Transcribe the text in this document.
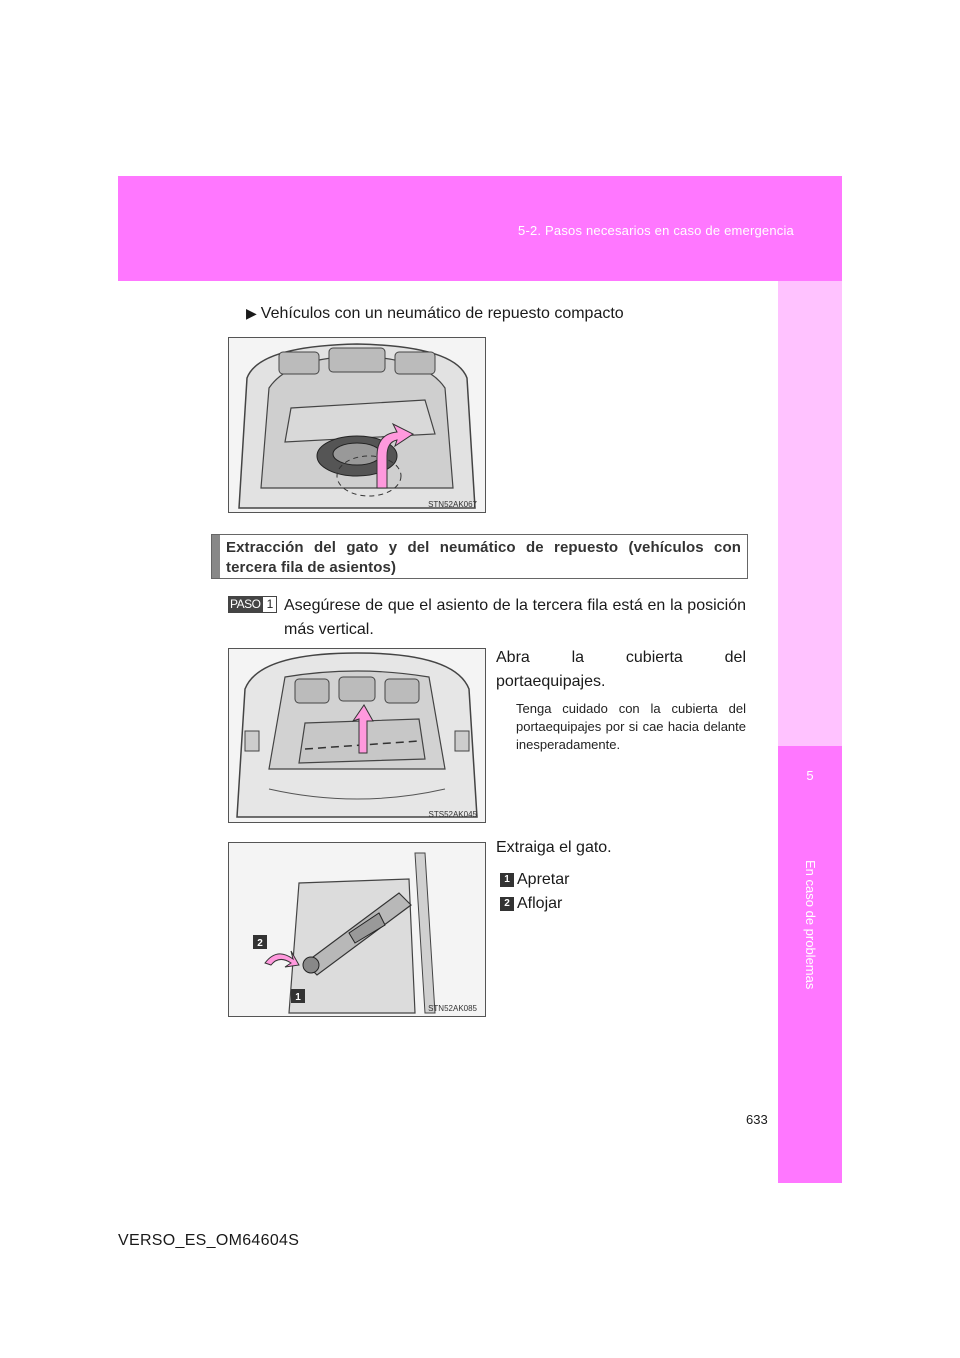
5-2. Pasos necesarios en caso de emergencia
5
En caso de problemas
▶ Vehículos con un neumático de repuesto compacto
STN52AK067
Extracción del gato y del neumático de repuesto (vehículos con tercera fila de asientos)
PASO 1 Asegúrese de que el asiento de la tercera fila está en la posición más vertical.
STS52AK045
Abra la cubierta del portaequipajes.
Tenga cuidado con la cubierta del portaequipajes por si cae hacia delante inesperadamente.
2
1
STN52AK085
Extraiga el gato.
1 Apretar
2 Aflojar
633
VERSO_ES_OM64604S
